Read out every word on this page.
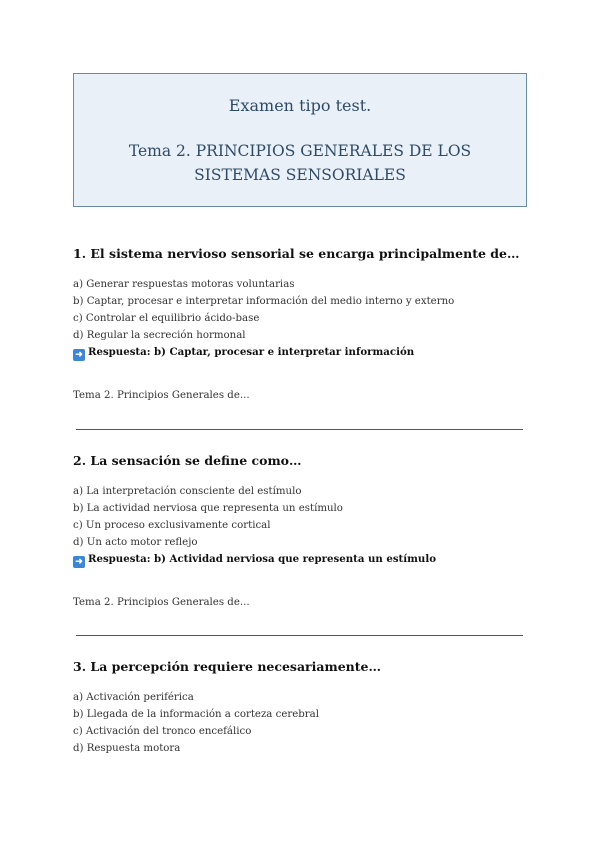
Examen tipo test.
Tema 2. PRINCIPIOS GENERALES DE LOS SISTEMAS SENSORIALES
1. El sistema nervioso sensorial se encarga principalmente de…
a) Generar respuestas motoras voluntarias
b) Captar, procesar e interpretar información del medio interno y externo
c) Controlar el equilibrio ácido-base
d) Regular la secreción hormonal
➜ Respuesta: b) Captar, procesar e interpretar información
Tema 2. Principios Generales de...
2. La sensación se define como…
a) La interpretación consciente del estímulo
b) La actividad nerviosa que representa un estímulo
c) Un proceso exclusivamente cortical
d) Un acto motor reflejo
➜ Respuesta: b) Actividad nerviosa que representa un estímulo
Tema 2. Principios Generales de...
3. La percepción requiere necesariamente…
a) Activación periférica
b) Llegada de la información a corteza cerebral
c) Activación del tronco encefálico
d) Respuesta motora
